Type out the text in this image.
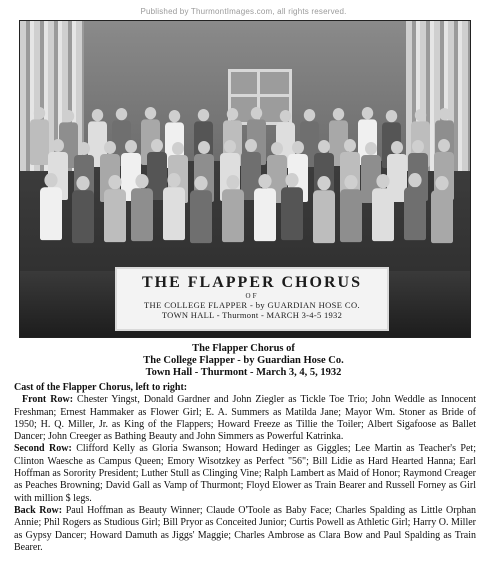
Published by ThurmontImages.com, all rights reserved.
THE FLAPPER CHORUS
OF
THE COLLEGE FLAPPER - by GUARDIAN HOSE CO.
TOWN HALL - Thurmont - MARCH 3-4-5 1932
The Flapper Chorus of
The College Flapper - by Guardian Hose Co.
Town Hall - Thurmont - March 3, 4, 5, 1932

Cast of the Flapper Chorus, left to right:

Front Row: Chester Yingst, Donald Gardner and John Ziegler as Tickle Toe Trio; John Weddle as Innocent Freshman; Ernest Hammaker as Flower Girl; E. A. Summers as Matilda Jane; Mayor Wm. Stoner as Bride of 1950; H. Q. Miller, Jr. as King of the Flappers; Howard Freeze as Tillie the Toiler; Albert Sigafoose as Ballet Dancer; John Creeger as Bathing Beauty and John Simmers as Powerful Katrinka.
Second Row: Clifford Kelly as Gloria Swanson; Howard Hedinger as Giggles; Lee Martin as Teacher's Pet; Clinton Waesche as Campus Queen; Emory Wisotzkey as Perfect "56"; Bill Lidie as Hard Hearted Hanna; Earl Hoffman as Sorority President; Luther Stull as Clinging Vine; Ralph Lambert as Maid of Honor; Raymond Creager as Peaches Browning; David Gall as Vamp of Thurmont; Floyd Elower as Train Bearer and Russell Forney as Girl with million $ legs.
Back Row: Paul Hoffman as Beauty Winner; Claude O'Toole as Baby Face; Charles Spalding as Little Orphan Annie; Phil Rogers as Studious Girl; Bill Pryor as Conceited Junior; Curtis Powell as Athletic Girl; Harry O. Miller as Gypsy Dancer; Howard Damuth as Jiggs' Maggie; Charles Ambrose as Clara Bow and Paul Spalding as Train Bearer.
